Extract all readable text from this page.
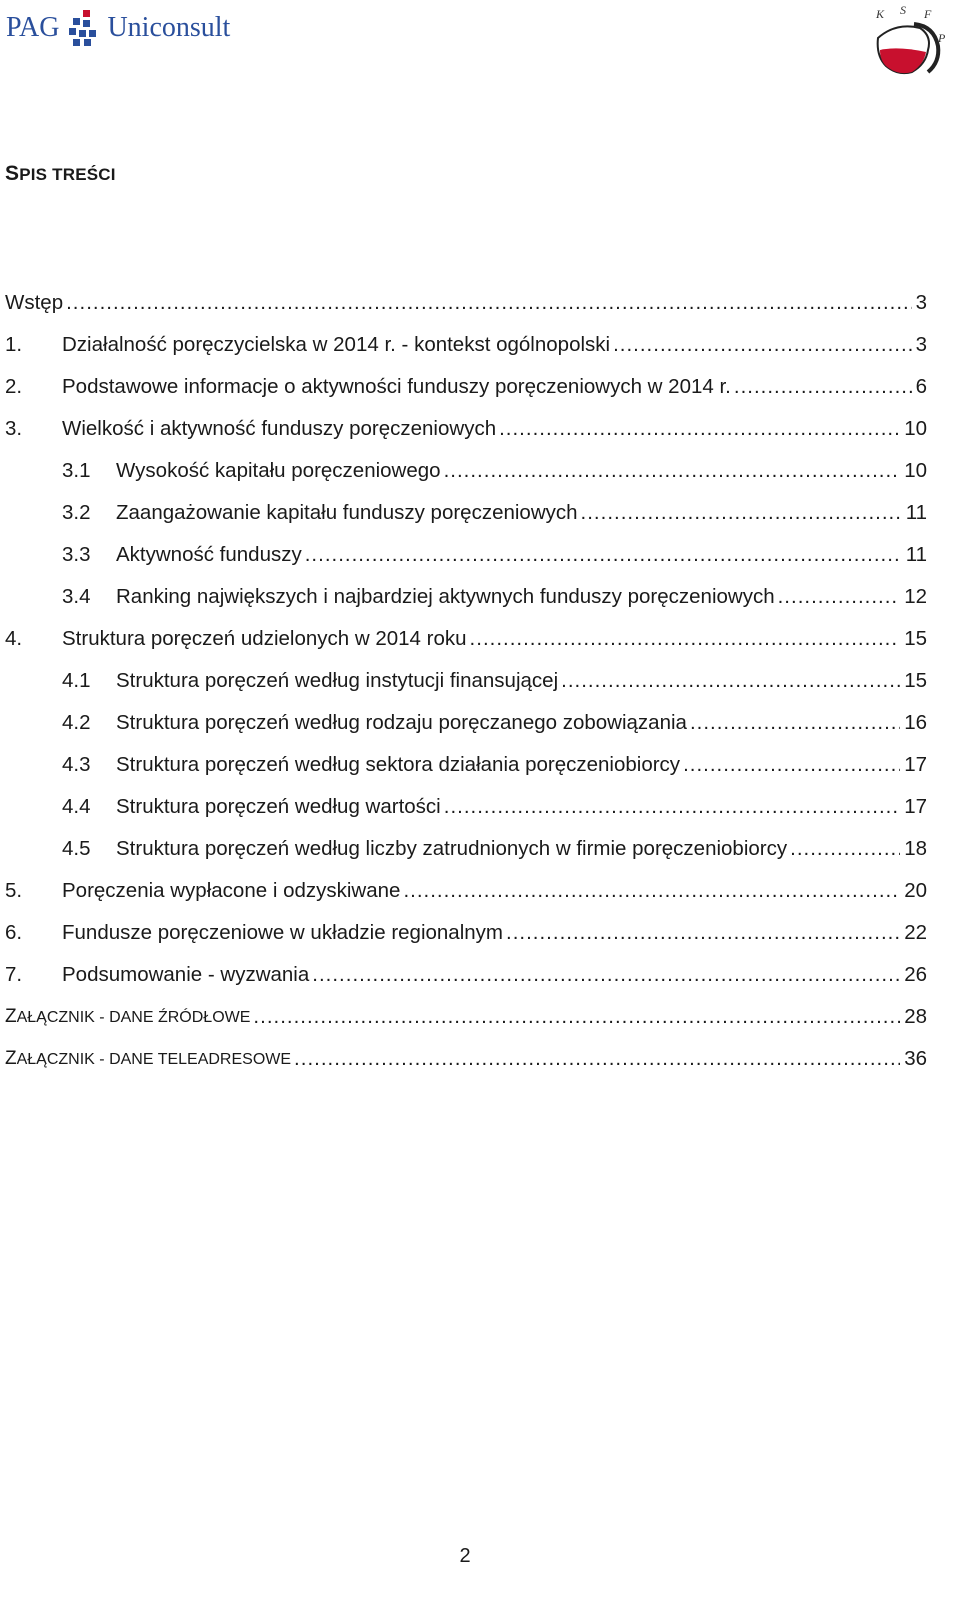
PAG Uniconsult	K S F
P
SPIS TREŚCI
Wstęp .....	3
1.	Działalność poręczycielska w 2014 r. - kontekst ogólnopolski .....	3
2.	Podstawowe informacje o aktywności funduszy poręczeniowych w 2014 r. .....	6
3.	Wielkość i aktywność funduszy poręczeniowych .....	10
3.1	Wysokość kapitału poręczeniowego .....	10
3.2	Zaangażowanie kapitału funduszy poręczeniowych .....	11
3.3	Aktywność funduszy .....	11
3.4	Ranking największych i najbardziej aktywnych funduszy poręczeniowych .....	12
4.	Struktura poręczeń udzielonych w 2014 roku .....	15
4.1	Struktura poręczeń według instytucji finansującej .....	15
4.2	Struktura poręczeń według rodzaju poręczanego zobowiązania .....	16
4.3	Struktura poręczeń według sektora działania poręczeniobiorcy .....	17
4.4	Struktura poręczeń według wartości .....	17
4.5	Struktura poręczeń według liczby zatrudnionych w firmie poręczeniobiorcy .....	18
5.	Poręczenia wypłacone i odzyskiwane .....	20
6.	Fundusze poręczeniowe w układzie regionalnym .....	22
7.	Podsumowanie - wyzwania .....	26
ZAŁĄCZNIK - DANE ŹRÓDŁOWE .....	28
ZAŁĄCZNIK - DANE TELEADRESOWE .....	36
2
